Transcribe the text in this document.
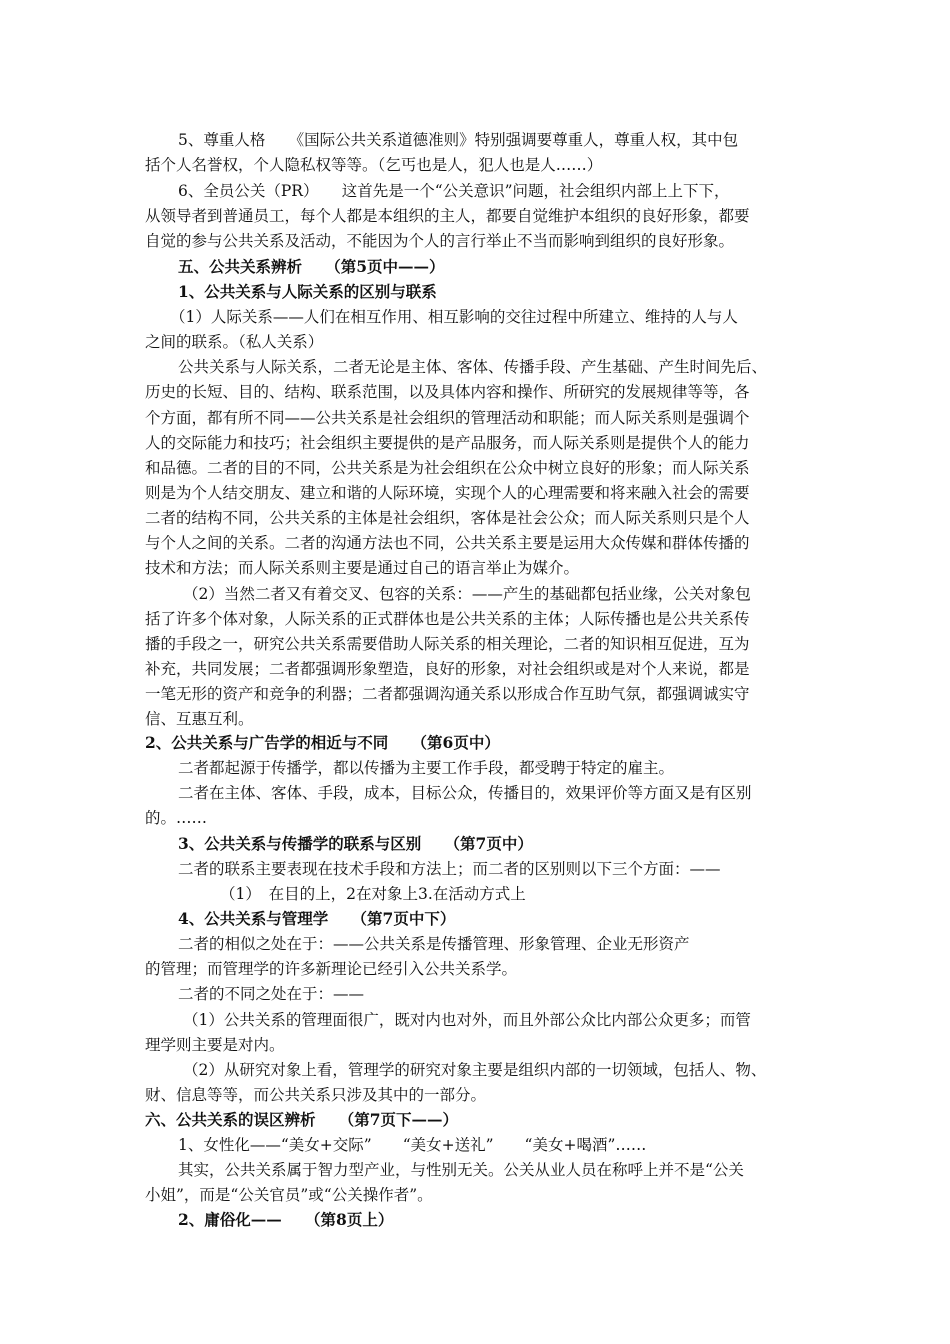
5、尊重人格　　《国际公共关系道德准则》特别强调要尊重人，尊重人权，其中包
括个人名誉权，个人隐私权等等。（乞丐也是人，犯人也是人……）
6、全员公关（PR）　　这首先是一个“公关意识”问题，社会组织内部上上下下，
从领导者到普通员工，每个人都是本组织的主人，都要自觉维护本组织的良好形象，都要
自觉的参与公共关系及活动，不能因为个人的言行举止不当而影响到组织的良好形象。
五、公共关系辨析　　（第5页中——）
1、公共关系与人际关系的区别与联系
（1）人际关系——人们在相互作用、相互影响的交往过程中所建立、维持的人与人
之间的联系。（私人关系）
公共关系与人际关系，二者无论是主体、客体、传播手段、产生基础、产生时间先后、
历史的长短、目的、结构、联系范围，以及具体内容和操作、所研究的发展规律等等，各
个方面，都有所不同——公共关系是社会组织的管理活动和职能；而人际关系则是强调个
人的交际能力和技巧；社会组织主要提供的是产品服务，而人际关系则是提供个人的能力
和品德。二者的目的不同，公共关系是为社会组织在公众中树立良好的形象；而人际关系
则是为个人结交朋友、建立和谐的人际环境，实现个人的心理需要和将来融入社会的需要
二者的结构不同，公共关系的主体是社会组织，客体是社会公众；而人际关系则只是个人
与个人之间的关系。二者的沟通方法也不同，公共关系主要是运用大众传媒和群体传播的
技术和方法；而人际关系则主要是通过自己的语言举止为媒介。
（2）当然二者又有着交叉、包容的关系：——产生的基础都包括业缘，公关对象包
括了许多个体对象，人际关系的正式群体也是公共关系的主体；人际传播也是公共关系传
播的手段之一，研究公共关系需要借助人际关系的相关理论，二者的知识相互促进，互为
补充，共同发展；二者都强调形象塑造，良好的形象，对社会组织或是对个人来说，都是
一笔无形的资产和竞争的利器；二者都强调沟通关系以形成合作互助气氛，都强调诚实守
信、互惠互利。
2、公共关系与广告学的相近与不同　　（第6页中）
二者都起源于传播学，都以传播为主要工作手段，都受聘于特定的雇主。
二者在主体、客体、手段，成本，目标公众，传播目的，效果评价等方面又是有区别
的。……
3、公共关系与传播学的联系与区别　　（第7页中）
二者的联系主要表现在技术手段和方法上；而二者的区别则以下三个方面：——
（1）　在目的上，2在对象上3.在活动方式上
4、公共关系与管理学　　（第7页中下）
二者的相似之处在于：——公共关系是传播管理、形象管理、企业无形资产
的管理；而管理学的许多新理论已经引入公共关系学。
二者的不同之处在于：——
（1）公共关系的管理面很广，既对内也对外，而且外部公众比内部公众更多；而管
理学则主要是对内。
（2）从研究对象上看，管理学的研究对象主要是组织内部的一切领域，包括人、物、
财、信息等等，而公共关系只涉及其中的一部分。
六、公共关系的误区辨析　　（第7页下——）
1、女性化——“美女+交际”　　“美女+送礼”　　“美女+喝酒”……
其实，公共关系属于智力型产业，与性别无关。公关从业人员在称呼上并不是“公关
小姐”，而是“公关官员”或“公关操作者”。
2、庸俗化——　　（第8页上）
